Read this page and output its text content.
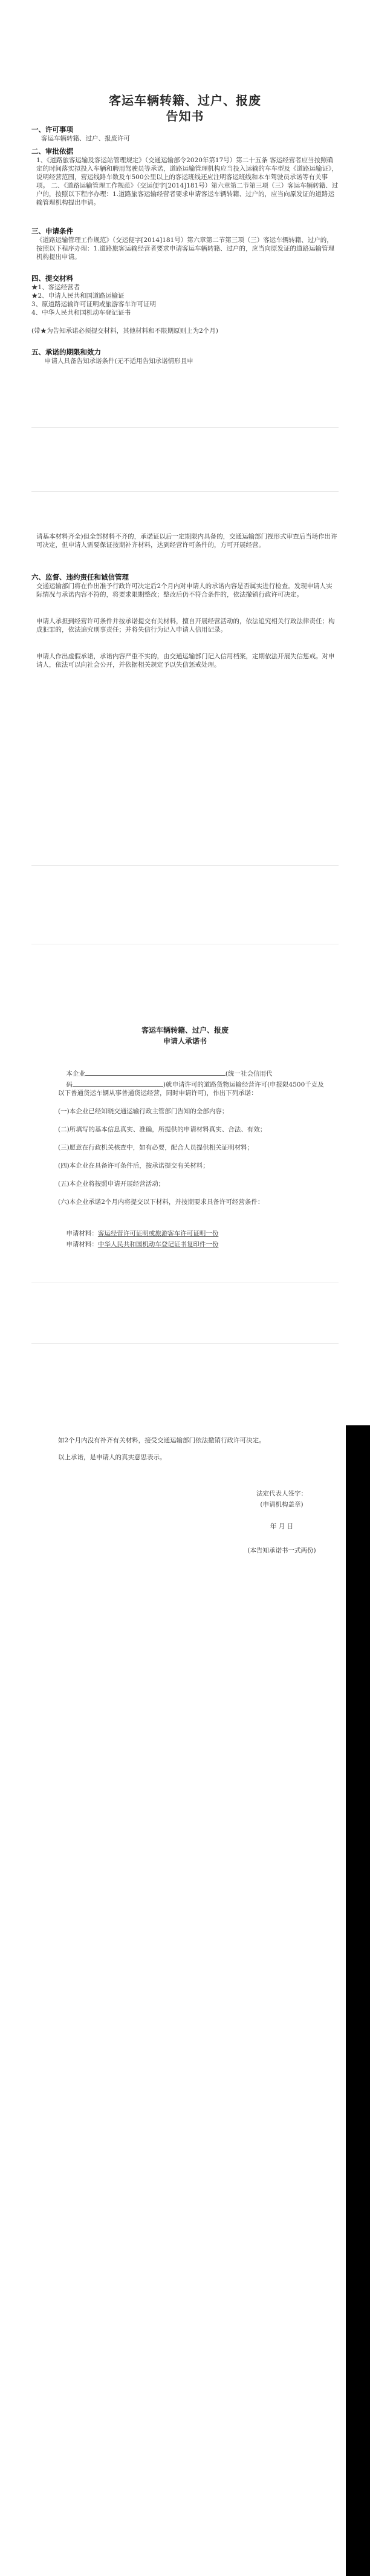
客运车辆转籍、过户、报废
告知书
一、许可事项
客运车辆转籍、过户、报废许可
二、审批依据
1、《道路旅客运输及客运站管理规定》（交通运输部令2020年第17号）第二十五条 客运经营者应当按照确定的时间落实拟投入车辆和聘用驾驶员等承诺，道路运输管理机构应当投入运输的车车型及《道路运输证》，说明经营范围，营运线路车数及车500公里以上的客运班线还应注明客运班线和本车驾驶员承诺等有关事项。 二、《道路运输管理工作规范》（交运便字[2014]181号）第六章第二节第三项（三）客运车辆转籍、过户的，按照以下程序办理：1.道路旅客运输经营者要求申请客运车辆转籍、过户的，应当向原发证的道路运输管理机构提出申请。
三、申请条件
《道路运输管理工作规范》（交运便字[2014]181号）第六章第二节第三项（三）客运车辆转籍、过户的，按照以下程序办理：1.道路旅客运输经营者要求申请客运车辆转籍、过户的，应当向原发证的道路运输管理机构提出申请。
四、提交材料
★1、客运经营者
★2、申请人民共和国道路运输证
3、原道路运输许可证明或旅游客车许可证明
4、中华人民共和国机动车登记证书
(带★为告知承诺必须提交材料，其他材料和不限期原则上为2个月)
五、承诺的期限和效力
申请人具备告知承诺条件(无不适用告知承诺情形且申
请基本材料齐全)但全部材料不齐的，承诺证以后一定期限内具备的，交通运输部门视形式审查后当场作出许可决定，但申请人需要保证按期补齐材料，达到经营许可条件的，方可开展经营。
六、监督、违约责任和诚信管理
交通运输部门将在作出准予行政许可决定后2个月内对申请人的承诺内容是否属实进行检查。发现申请人实际情况与承诺内容不符的，将要求限期整改；整改后仍不符合条件的，依法撤销行政许可决定。
申请人承担到经营许可条件并按承诺提交有关材料，擅自开展经营活动的，依法追究相关行政法律责任；构成犯罪的，依法追究刑事责任；并将失信行为记入申请人信用记录。
申请人作出虚假承诺，承诺内容严重不实的，由交通运输部门记入信用档案，定期依法开展失信惩戒。对申请人，依法可以向社会公开，并依据相关规定予以失信惩戒处理。
客运车辆转籍、过户、报废
申请人承诺书

本企业	(统一社会信用代

码	)就申请许可的道路货物运输经营许可(申报限4500千克及以下普通货运车辆从事普通货运经营，同时申请许可)，作出下列承诺：

(一)本企业已经知晓交通运输行政主管部门告知的全部内容；
(二)所填写的基本信息真实、准确，所提供的申请材料真实、合法、有效；
(三)愿意在行政机关核查中，如有必要，配合人员提供相关证明材料；
(四)本企业在具备许可条件后，按承诺提交有关材料；
(五)本企业将按照申请开展经营活动；
(六)本企业承诺2个月内将提交以下材料，并按期要求具备许可经营条件：

申请材料：客运经营许可证明或旅游客车许可证明一份

申请材料：中华人民共和国机动车登记证书复印件一份

如2个月内没有补齐有关材料，接受交通运输部门依法撤销行政许可决定。
以上承诺，是申请人的真实意思表示。
法定代表人签字：
(申请机构盖章)
年 月 日
(本告知承诺书一式两份)
